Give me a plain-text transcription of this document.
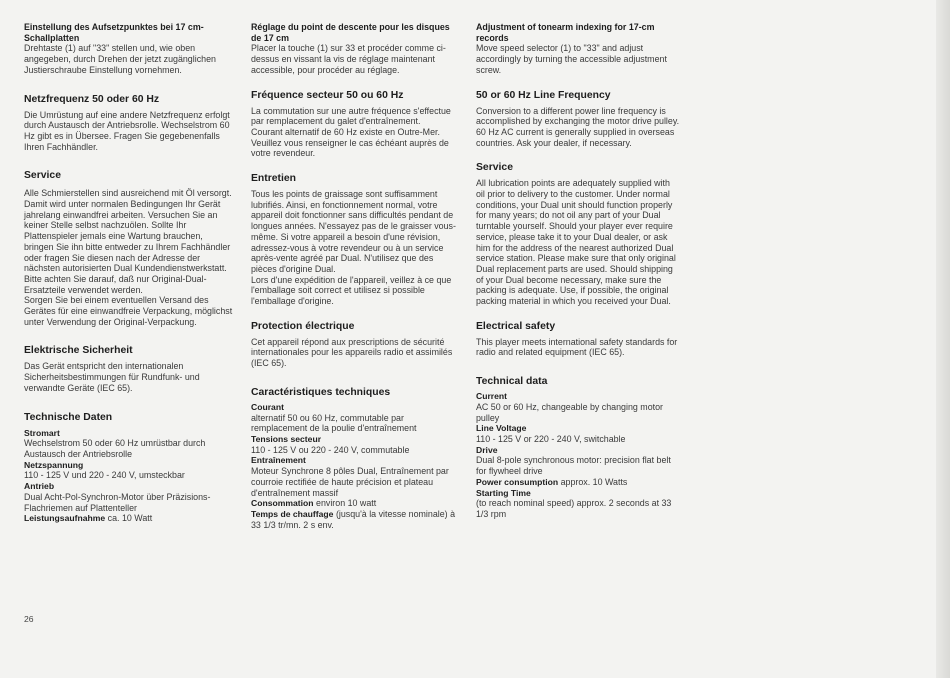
Einstellung des Aufsetzpunktes bei 17 cm-Schallplatten

Drehtaste (1) auf "33" stellen und, wie oben angegeben, durch Drehen der jetzt zugänglichen Justierschraube Einstellung vornehmen.

Netzfrequenz 50 oder 60 Hz

Die Umrüstung auf eine andere Netzfrequenz erfolgt durch Austausch der Antriebsrolle. Wechselstrom 60 Hz gibt es in Übersee. Fragen Sie gegebenenfalls Ihren Fachhändler.

Service

Alle Schmierstellen sind ausreichend mit Öl versorgt. Damit wird unter normalen Bedingungen Ihr Gerät jahrelang einwandfrei arbeiten. Versuchen Sie an keiner Stelle selbst nachzuölen. Sollte Ihr Plattenspieler jemals eine Wartung brauchen, bringen Sie ihn bitte entweder zu Ihrem Fachhändler oder fragen Sie diesen nach der Adresse der nächsten autorisierten Dual Kundendienstwerkstatt. Bitte achten Sie darauf, daß nur Original-Dual-Ersatzteile verwendet werden.

Sorgen Sie bei einem eventuellen Versand des Gerätes für eine einwandfreie Verpackung, möglichst unter Verwendung der Original-Verpackung.

Elektrische Sicherheit

Das Gerät entspricht den internationalen Sicherheitsbestimmungen für Rundfunk- und verwandte Geräte (IEC 65).

Technische Daten

Stromart

Wechselstrom 50 oder 60 Hz umrüstbar durch Austausch der Antriebsrolle

Netzspannung

110 - 125 V und 220 - 240 V, umsteckbar

Antrieb

Dual Acht-Pol-Synchron-Motor über Präzisions-Flachriemen auf Plattenteller

Leistungsaufnahme ca. 10 Watt

Réglage du point de descente pour les disques de 17 cm

Placer la touche (1) sur 33 et procéder comme ci-dessus en vissant la vis de réglage maintenant accessible, pour procéder au réglage.

Fréquence secteur 50 ou 60 Hz

La commutation sur une autre fréquence s'effectue par remplacement du galet d'entraînement.

Courant alternatif de 60 Hz existe en Outre-Mer. Veuillez vous renseigner le cas échéant auprès de votre revendeur.

Entretien

Tous les points de graissage sont suffisamment lubrifiés. Ainsi, en fonctionnement normal, votre appareil doit fonctionner sans difficultés pendant de longues années. N'essayez pas de le graisser vous-même. Si votre appareil a besoin d'une révision, adressez-vous à votre revendeur ou à un service après-vente agréé par Dual. N'utilisez que des pièces d'origine Dual.

Lors d'une expédition de l'appareil, veillez à ce que l'emballage soit correct et utilisez si possible l'emballage d'origine.

Protection électrique

Cet appareil répond aux prescriptions de sécurité internationales pour les appareils radio et assimilés (IEC 65).

Caractéristiques techniques

Courant

alternatif 50 ou 60 Hz, commutable par remplacement de la poulie d'entraînement

Tensions secteur

110 - 125 V ou 220 - 240 V, commutable

Entraînement

Moteur Synchrone 8 pôles Dual, Entraînement par courroie rectifiée de haute précision et plateau d'entraînement massif

Consommation environ 10 watt

Temps de chauffage (jusqu'à la vitesse nominale) à 33 1/3 tr/mn. 2 s env.

Adjustment of tonearm indexing for 17-cm records

Move speed selector (1) to "33" and adjust accordingly by turning the accessible adjustment screw.

50 or 60 Hz Line Frequency

Conversion to a different power line frequency is accomplished by exchanging the motor drive pulley.

60 Hz AC current is generally supplied in overseas countries. Ask your dealer, if necessary.

Service

All lubrication points are adequately supplied with oil prior to delivery to the customer. Under normal conditions, your Dual unit should function properly for many years; do not oil any part of your Dual turntable yourself. Should your player ever require service, please take it to your Dual dealer, or ask him for the address of the nearest authorized Dual service station. Please make sure that only original Dual replacement parts are used. Should shipping of your Dual become necessary, make sure the packing is adequate. Use, if possible, the original packing material in which you received your Dual.

Electrical safety

This player meets international safety standards for radio and related equipment (IEC 65).

Technical data

Current

AC 50 or 60 Hz, changeable by changing motor pulley

Line Voltage

110 - 125 V or 220 - 240 V, switchable

Drive

Dual 8-pole synchronous motor: precision flat belt for flywheel drive

Power consumption approx. 10 Watts

Starting Time

(to reach nominal speed) approx. 2 seconds at 33 1/3 rpm

26
